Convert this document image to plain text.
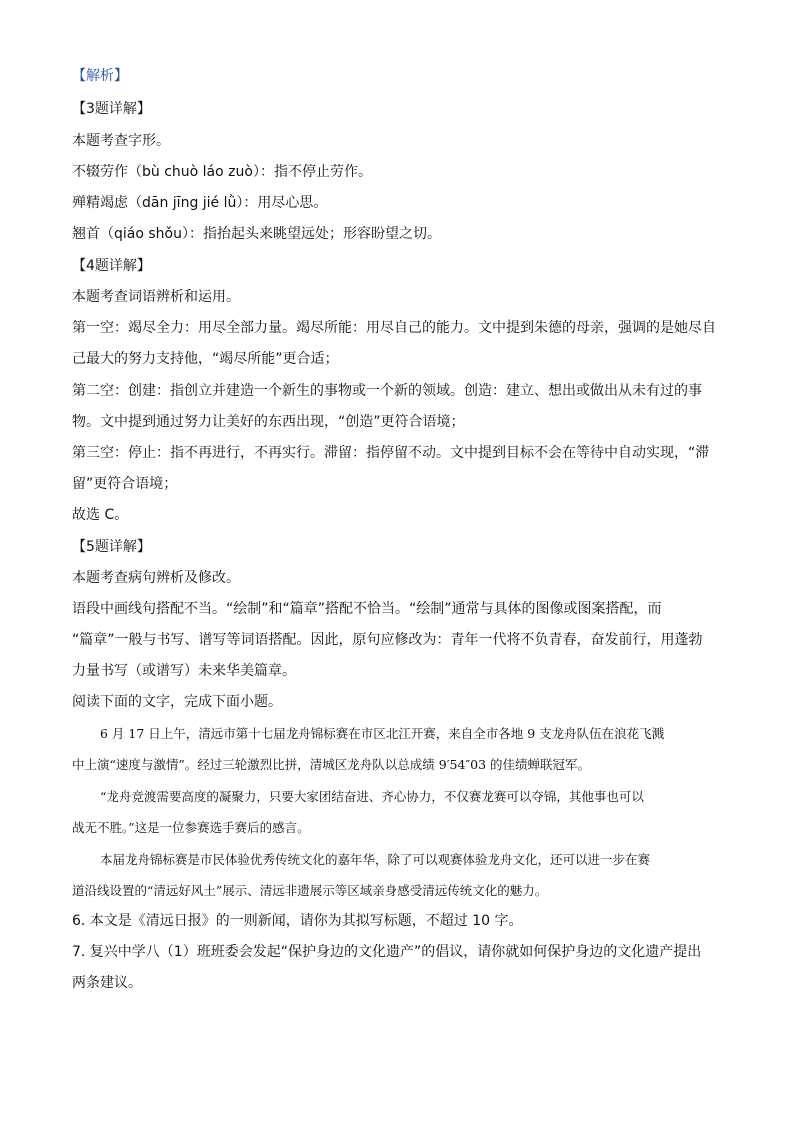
【解析】
【3题详解】
本题考查字形。
不辍劳作（bù chuò láo zuò）：指不停止劳作。
殚精竭虑（dān jīng jié lǜ）：用尽心思。
翘首（qiáo shǒu）：指抬起头来眺望远处；形容盼望之切。
【4题详解】
本题考查词语辨析和运用。
第一空：竭尽全力：用尽全部力量。竭尽所能：用尽自己的能力。文中提到朱德的母亲，强调的是她尽自
己最大的努力支持他，“竭尽所能”更合适；
第二空：创建：指创立并建造一个新生的事物或一个新的领域。创造：建立、想出或做出从未有过的事
物。文中提到通过努力让美好的东西出现，“创造”更符合语境；
第三空：停止：指不再进行，不再实行。滞留：指停留不动。文中提到目标不会在等待中自动实现，“滞
留”更符合语境；
故选 C。
【5题详解】
本题考查病句辨析及修改。
语段中画线句搭配不当。“绘制”和“篇章”搭配不恰当。“绘制”通常与具体的图像或图案搭配，而
“篇章”一般与书写、谱写等词语搭配。因此，原句应修改为：青年一代将不负青春，奋发前行，用蓬勃
力量书写（或谱写）未来华美篇章。
阅读下面的文字，完成下面小题。
6 月 17 日上午，清远市第十七届龙舟锦标赛在市区北江开赛，来自全市各地 9 支龙舟队伍在浪花飞溅
中上演“速度与激情”。经过三轮激烈比拼，清城区龙舟队以总成绩 9′54″03 的佳绩蝉联冠军。
“龙舟竞渡需要高度的凝聚力，只要大家团结奋进、齐心协力，不仅赛龙赛可以夺锦，其他事也可以
战无不胜。”这是一位参赛选手赛后的感言。
本届龙舟锦标赛是市民体验优秀传统文化的嘉年华，除了可以观赛体验龙舟文化，还可以进一步在赛
道沿线设置的“清远好风土”展示、清远非遗展示等区域亲身感受清远传统文化的魅力。
6. 本文是《清远日报》的一则新闻，请你为其拟写标题，不超过 10 字。
7. 复兴中学八（1）班班委会发起“保护身边的文化遗产”的倡议，请你就如何保护身边的文化遗产提出
两条建议。
